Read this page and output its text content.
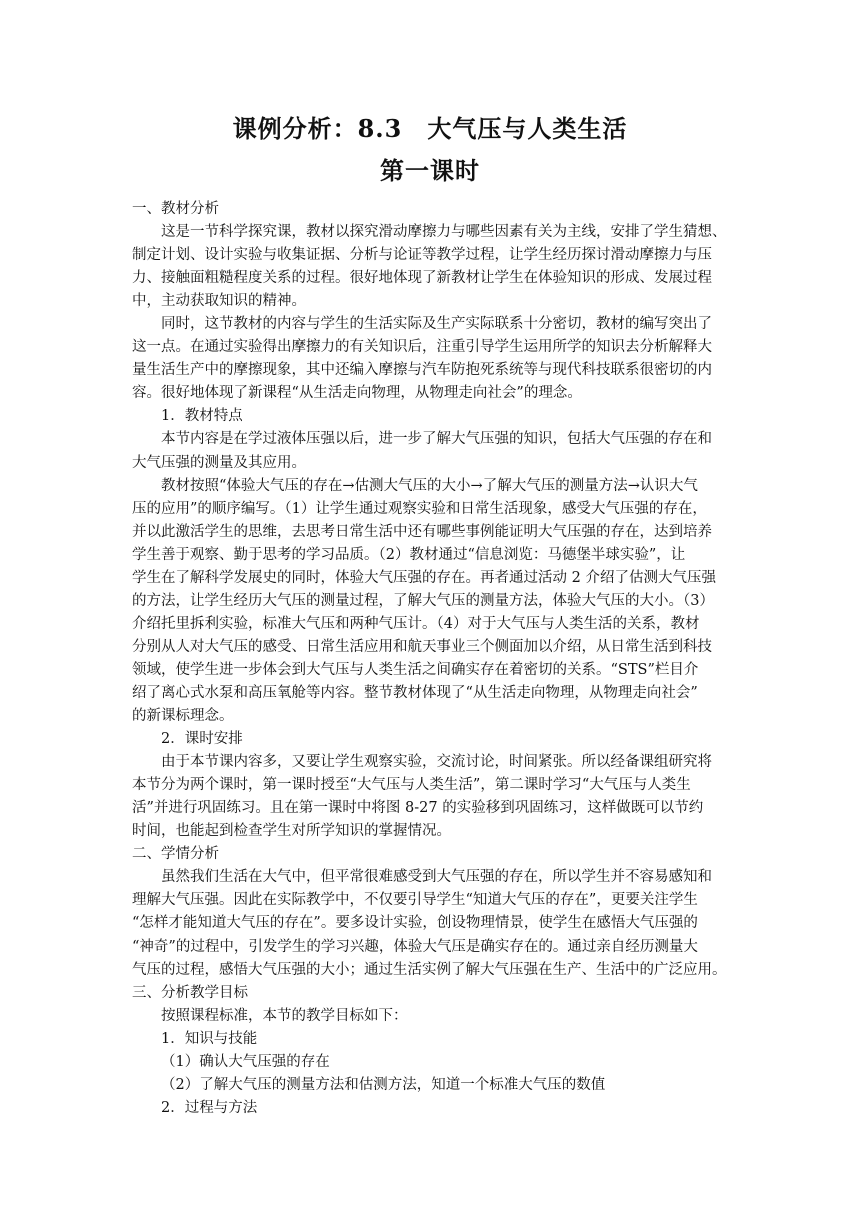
课例分析：8.3　大气压与人类生活
第一课时
一、教材分析
这是一节科学探究课，教材以探究滑动摩擦力与哪些因素有关为主线，安排了学生猜想、
制定计划、设计实验与收集证据、分析与论证等教学过程，让学生经历探讨滑动摩擦力与压
力、接触面粗糙程度关系的过程。很好地体现了新教材让学生在体验知识的形成、发展过程
中，主动获取知识的精神。
同时，这节教材的内容与学生的生活实际及生产实际联系十分密切，教材的编写突出了
这一点。在通过实验得出摩擦力的有关知识后，注重引导学生运用所学的知识去分析解释大
量生活生产中的摩擦现象，其中还编入摩擦与汽车防抱死系统等与现代科技联系很密切的内
容。很好地体现了新课程“从生活走向物理，从物理走向社会”的理念。
1．教材特点
本节内容是在学过液体压强以后，进一步了解大气压强的知识，包括大气压强的存在和
大气压强的测量及其应用。
教材按照“体验大气压的存在→估测大气压的大小→了解大气压的测量方法→认识大气
压的应用”的顺序编写。（1）让学生通过观察实验和日常生活现象，感受大气压强的存在，
并以此激活学生的思维，去思考日常生活中还有哪些事例能证明大气压强的存在，达到培养
学生善于观察、勤于思考的学习品质。（2）教材通过“信息浏览：马德堡半球实验”，让
学生在了解科学发展史的同时，体验大气压强的存在。再者通过活动 2 介绍了估测大气压强
的方法，让学生经历大气压的测量过程，了解大气压的测量方法，体验大气压的大小。（3）
介绍托里拆利实验，标准大气压和两种气压计。（4）对于大气压与人类生活的关系，教材
分别从人对大气压的感受、日常生活应用和航天事业三个侧面加以介绍，从日常生活到科技
领域，使学生进一步体会到大气压与人类生活之间确实存在着密切的关系。“STS”栏目介
绍了离心式水泵和高压氧舱等内容。整节教材体现了“从生活走向物理，从物理走向社会”
的新课标理念。
2．课时安排
由于本节课内容多，又要让学生观察实验，交流讨论，时间紧张。所以经备课组研究将
本节分为两个课时，第一课时授至“大气压与人类生活”，第二课时学习“大气压与人类生
活”并进行巩固练习。且在第一课时中将图 8-27 的实验移到巩固练习，这样做既可以节约
时间，也能起到检查学生对所学知识的掌握情况。
二、学情分析
虽然我们生活在大气中，但平常很难感受到大气压强的存在，所以学生并不容易感知和
理解大气压强。因此在实际教学中，不仅要引导学生“知道大气压的存在”，更要关注学生
“怎样才能知道大气压的存在”。要多设计实验，创设物理情景，使学生在感悟大气压强的
“神奇”的过程中，引发学生的学习兴趣，体验大气压是确实存在的。通过亲自经历测量大
气压的过程，感悟大气压强的大小；通过生活实例了解大气压强在生产、生活中的广泛应用。
三、分析教学目标
按照课程标准，本节的教学目标如下：
1．知识与技能
（1）确认大气压强的存在
（2）了解大气压的测量方法和估测方法，知道一个标准大气压的数值
2．过程与方法
